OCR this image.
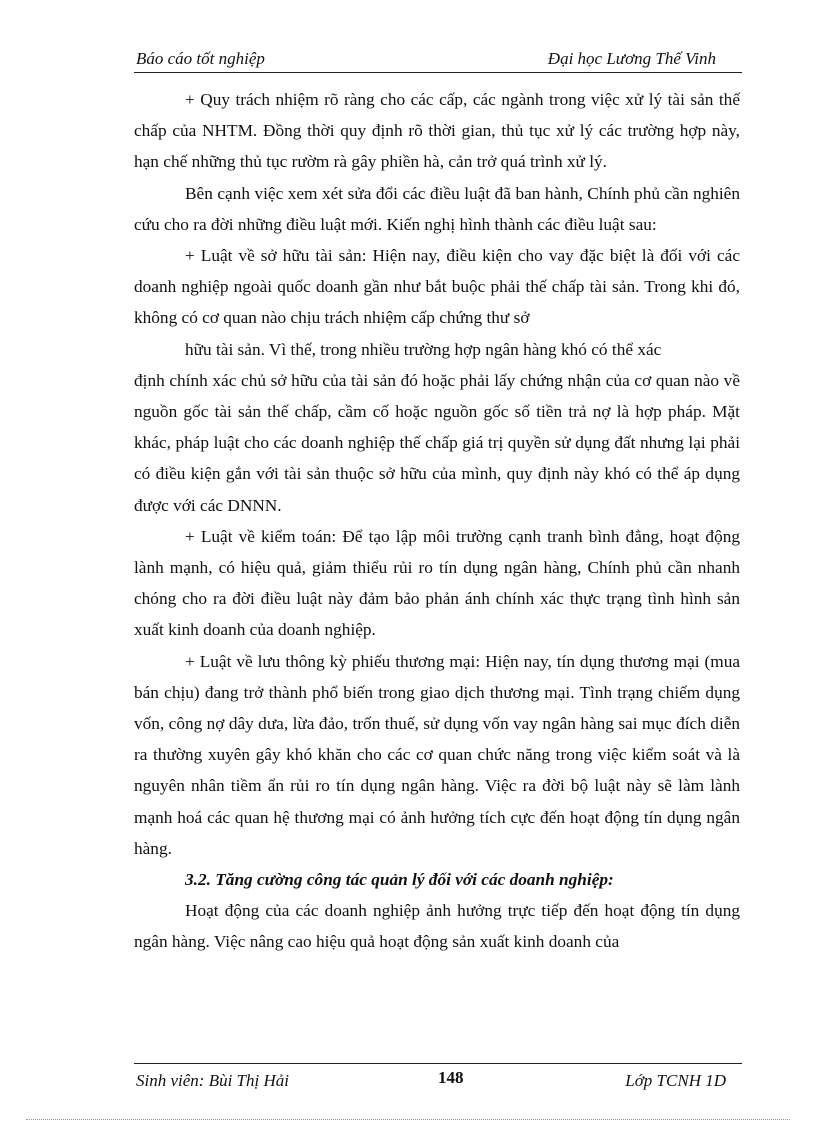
Báo cáo tốt nghiệp	Đại học Lương Thế Vinh

+ Quy trách nhiệm rõ ràng cho các cấp, các ngành trong việc xử lý tài sản thế chấp của NHTM. Đồng thời quy định rõ thời gian, thủ tục xử lý các trường hợp này, hạn chế những thủ tục rườm rà gây phiền hà, cản trở quá trình xử lý.

Bên cạnh việc xem xét sửa đổi các điều luật đã ban hành, Chính phủ cần nghiên cứu cho ra đời những điều luật mới. Kiến nghị hình thành các điều luật sau:

+ Luật về sở hữu tài sản: Hiện nay, điều kiện cho vay đặc biệt là đối với các doanh nghiệp ngoài quốc doanh gần như bắt buộc phải thế chấp tài sản. Trong khi đó, không có cơ quan nào chịu trách nhiệm cấp chứng thư sở

hữu tài sản. Vì thế, trong nhiều trường hợp ngân hàng khó có thể xác

định chính xác chủ sở hữu của tài sản đó hoặc phải lấy chứng nhận của cơ quan nào về nguồn gốc tài sản thế chấp, cầm cố hoặc nguồn gốc số tiền trả nợ là hợp pháp. Mặt khác, pháp luật cho các doanh nghiệp thế chấp giá trị quyền sử dụng đất nhưng lại phải có điều kiện gắn với tài sản thuộc sở hữu của mình, quy định này khó có thể áp dụng được với các DNNN.

+ Luật về kiểm toán: Để tạo lập môi trường cạnh tranh bình đẳng, hoạt động lành mạnh, có hiệu quả, giảm thiểu rủi ro tín dụng ngân hàng, Chính phủ cần nhanh chóng cho ra đời điều luật này đảm bảo phản ánh chính xác thực trạng tình hình sản xuất kinh doanh của doanh nghiệp.

+ Luật về lưu thông kỳ phiếu thương mại: Hiện nay, tín dụng thương mại (mua bán chịu) đang trở thành phổ biến trong giao dịch thương mại. Tình trạng chiếm dụng vốn, công nợ dây dưa, lừa đảo, trốn thuế, sử dụng vốn vay ngân hàng sai mục đích diễn ra thường xuyên gây khó khăn cho các cơ quan chức năng trong việc kiểm soát và là nguyên nhân tiềm ẩn rủi ro tín dụng ngân hàng. Việc ra đời bộ luật này sẽ làm lành mạnh hoá các quan hệ thương mại có ảnh hưởng tích cực đến hoạt động tín dụng ngân hàng.

3.2. Tăng cường công tác quản lý đối với các doanh nghiệp:

Hoạt động của các doanh nghiệp ảnh hưởng trực tiếp đến hoạt động tín dụng ngân hàng. Việc nâng cao hiệu quả hoạt động sản xuất kinh doanh của

Sinh viên: Bùi Thị Hải	148	Lớp TCNH 1D
